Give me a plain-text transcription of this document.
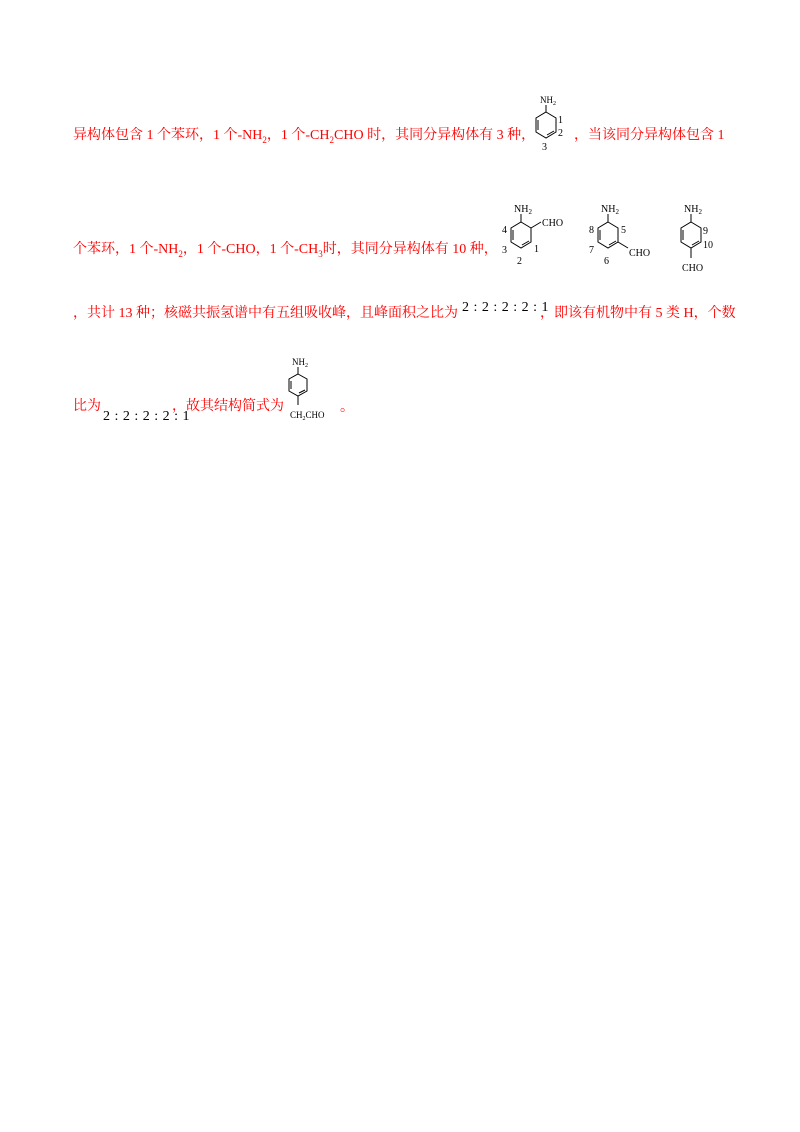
异构体包含 1 个苯环，1 个$-NH_2$，1 个$-CH_2CHO$ 时，其同分异构体有 3 种，
$NH_2$
1
2
3
，当该同分异构体包含 1
个苯环，1 个$-NH_2$，1 个-CHO，1 个$-CH_3$时，其同分异构体有 10 种，
$NH_2$
CHO
4
3
2
1
$NH_2$
CHO
5
6
7
8
$NH_2$
CHO
9
10
，共计 13 种；核磁共振氢谱中有五组吸收峰，且峰面积之比为 2 : 2 : 2 : 2 : 1
，即该有机物中有 5 类 H，个数
比为
2 : 2 : 2 : 2 : 1
，故其结构简式为
$NH_2$
$CH_2CHO$ 。
